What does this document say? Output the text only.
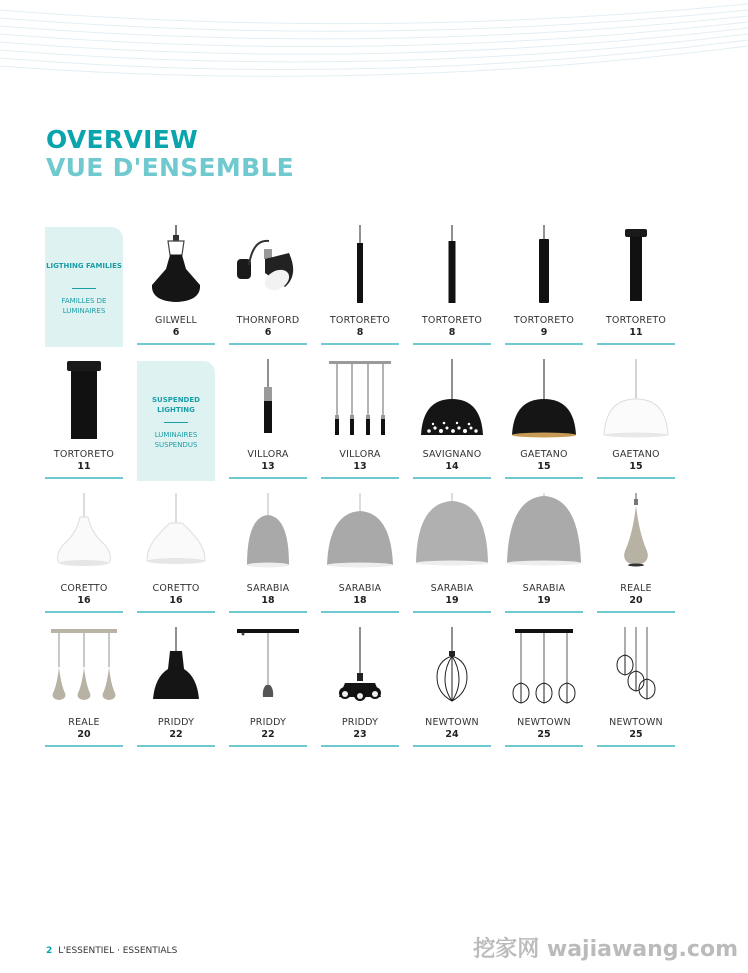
OVERVIEW
VUE D'ENSEMBLE
LIGTHING FAMILIES
FAMILLES DE LUMINAIRES
GILWELL
6
THORNFORD
6
TORTORETO
8
TORTORETO
8
TORTORETO
9
TORTORETO
11
TORTORETO
11
SUSPENDED LIGHTING
LUMINAIRES SUSPENDUS
VILLORA
13
VILLORA
13
SAVIGNANO
14
GAETANO
15
GAETANO
15
CORETTO
16
CORETTO
16
SARABIA
18
SARABIA
18
SARABIA
19
SARABIA
19
REALE
20
REALE
20
PRIDDY
22
PRIDDY
22
PRIDDY
23
NEWTOWN
24
NEWTOWN
25
NEWTOWN
25
2 L'ESSENTIEL · ESSENTIALS	挖家网 wajiawang.com
